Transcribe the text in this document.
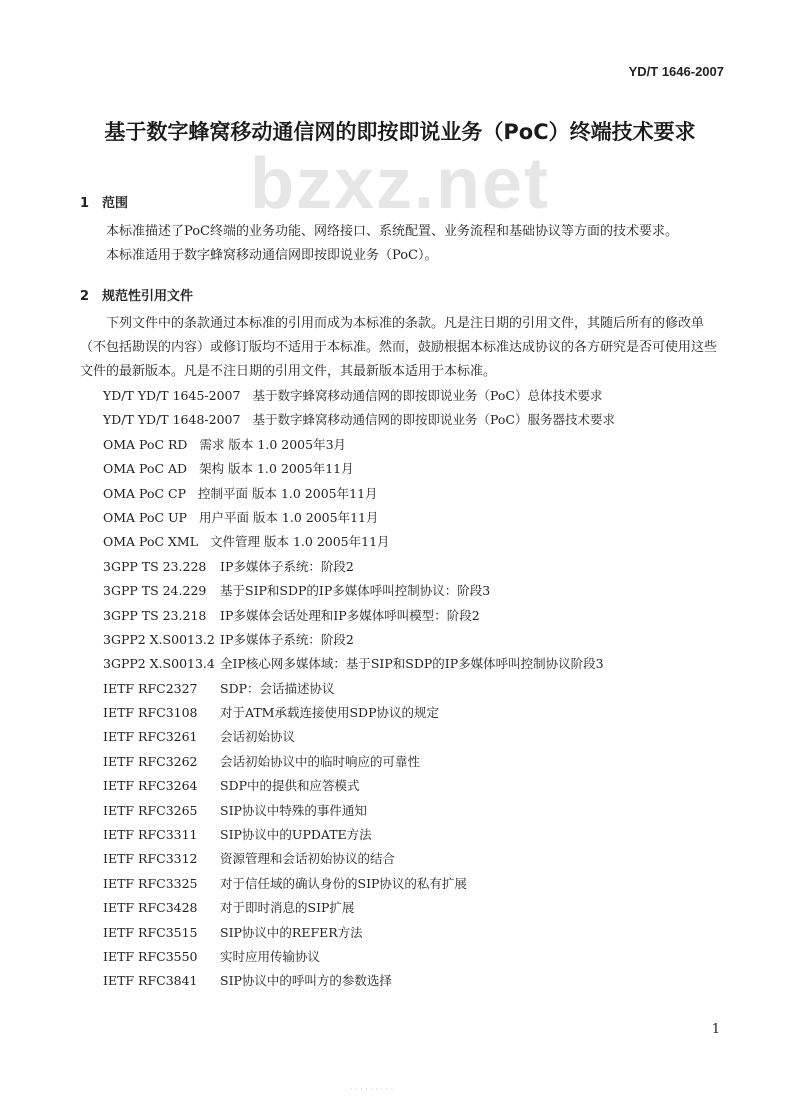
YD/T 1646-2007
bzxz.net
基于数字蜂窝移动通信网的即按即说业务（PoC）终端技术要求
1 范围

本标准描述了PoC终端的业务功能、网络接口、系统配置、业务流程和基础协议等方面的技术要求。

本标准适用于数字蜂窝移动通信网即按即说业务（PoC）。

2 规范性引用文件

下列文件中的条款通过本标准的引用而成为本标准的条款。凡是注日期的引用文件，其随后所有的修改单（不包括勘误的内容）或修订版均不适用于本标准。然而，鼓励根据本标准达成协议的各方研究是否可使用这些文件的最新版本。凡是不注日期的引用文件，其最新版本适用于本标准。

YD/T YD/T 1645-2007 基于数字蜂窝移动通信网的即按即说业务（PoC）总体技术要求
YD/T YD/T 1648-2007 基于数字蜂窝移动通信网的即按即说业务（PoC）服务器技术要求
OMA PoC RD 需求 版本 1.0 2005年3月
OMA PoC AD 架构 版本 1.0 2005年11月
OMA PoC CP 控制平面 版本 1.0 2005年11月
OMA PoC UP 用户平面 版本 1.0 2005年11月
OMA PoC XML 文件管理 版本 1.0 2005年11月
3GPP TS 23.228 IP多媒体子系统：阶段2
3GPP TS 24.229 基于SIP和SDP的IP多媒体呼叫控制协议：阶段3
3GPP TS 23.218 IP多媒体会话处理和IP多媒体呼叫模型：阶段2
3GPP2 X.S0013.2 IP多媒体子系统：阶段2
3GPP2 X.S0013.4 全IP核心网多媒体域：基于SIP和SDP的IP多媒体呼叫控制协议阶段3
IETF RFC2327 SDP：会话描述协议
IETF RFC3108 对于ATM承载连接使用SDP协议的规定
IETF RFC3261 会话初始协议
IETF RFC3262 会话初始协议中的临时响应的可靠性
IETF RFC3264 SDP中的提供和应答模式
IETF RFC3265 SIP协议中特殊的事件通知
IETF RFC3311 SIP协议中的UPDATE方法
IETF RFC3312 资源管理和会话初始协议的结合
IETF RFC3325 对于信任域的确认身份的SIP协议的私有扩展
IETF RFC3428 对于即时消息的SIP扩展
IETF RFC3515 SIP协议中的REFER方法
IETF RFC3550 实时应用传输协议
IETF RFC3841 SIP协议中的呼叫方的参数选择
1
· · · · · · · · ·
